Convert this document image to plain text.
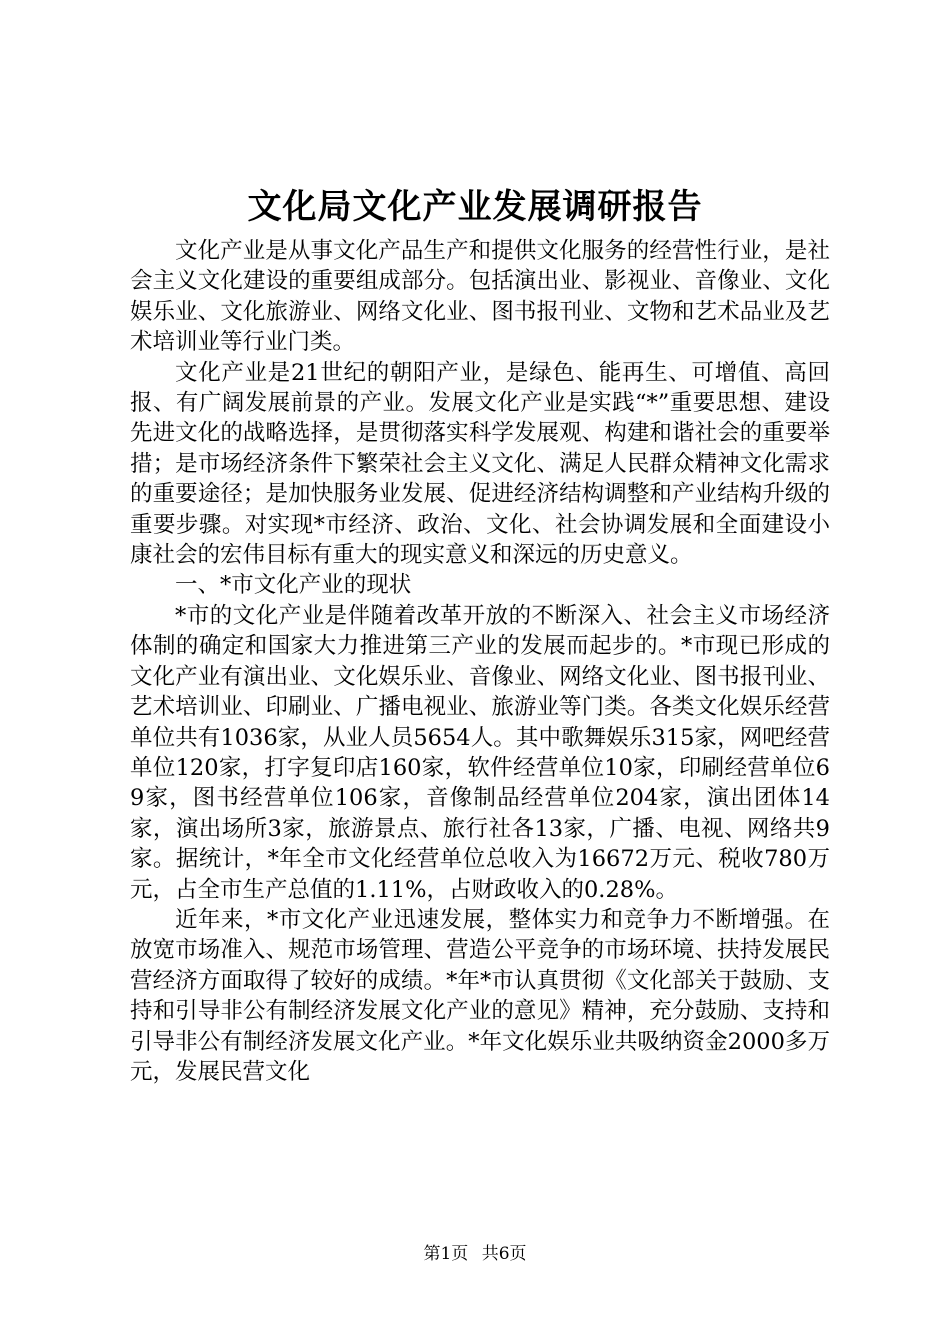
文化局文化产业发展调研报告

文化产业是从事文化产品生产和提供文化服务的经营性行业，是社会主义文化建设的重要组成部分。包括演出业、影视业、音像业、文化娱乐业、文化旅游业、网络文化业、图书报刊业、文物和艺术品业及艺术培训业等行业门类。

文化产业是21世纪的朝阳产业，是绿色、能再生、可增值、高回报、有广阔发展前景的产业。发展文化产业是实践“*”重要思想、建设先进文化的战略选择，是贯彻落实科学发展观、构建和谐社会的重要举措；是市场经济条件下繁荣社会主义文化、满足人民群众精神文化需求的重要途径；是加快服务业发展、促进经济结构调整和产业结构升级的重要步骤。对实现*市经济、政治、文化、社会协调发展和全面建设小康社会的宏伟目标有重大的现实意义和深远的历史意义。

一、*市文化产业的现状

*市的文化产业是伴随着改革开放的不断深入、社会主义市场经济体制的确定和国家大力推进第三产业的发展而起步的。*市现已形成的文化产业有演出业、文化娱乐业、音像业、网络文化业、图书报刊业、艺术培训业、印刷业、广播电视业、旅游业等门类。各类文化娱乐经营单位共有1036家，从业人员5654人。其中歌舞娱乐315家，网吧经营单位120家，打字复印店160家，软件经营单位10家，印刷经营单位69家，图书经营单位106家，音像制品经营单位204家，演出团体14家，演出场所3家，旅游景点、旅行社各13家，广播、电视、网络共9家。据统计，*年全市文化经营单位总收入为16672万元、税收780万元，占全市生产总值的1.11%，占财政收入的0.28%。

近年来，*市文化产业迅速发展，整体实力和竞争力不断增强。在放宽市场准入、规范市场管理、营造公平竞争的市场环境、扶持发展民营经济方面取得了较好的成绩。*年*市认真贯彻《文化部关于鼓励、支持和引导非公有制经济发展文化产业的意见》精神，充分鼓励、支持和引导非公有制经济发展文化产业。*年文化娱乐业共吸纳资金2000多万元，发展民营文化

第1页 共6页
